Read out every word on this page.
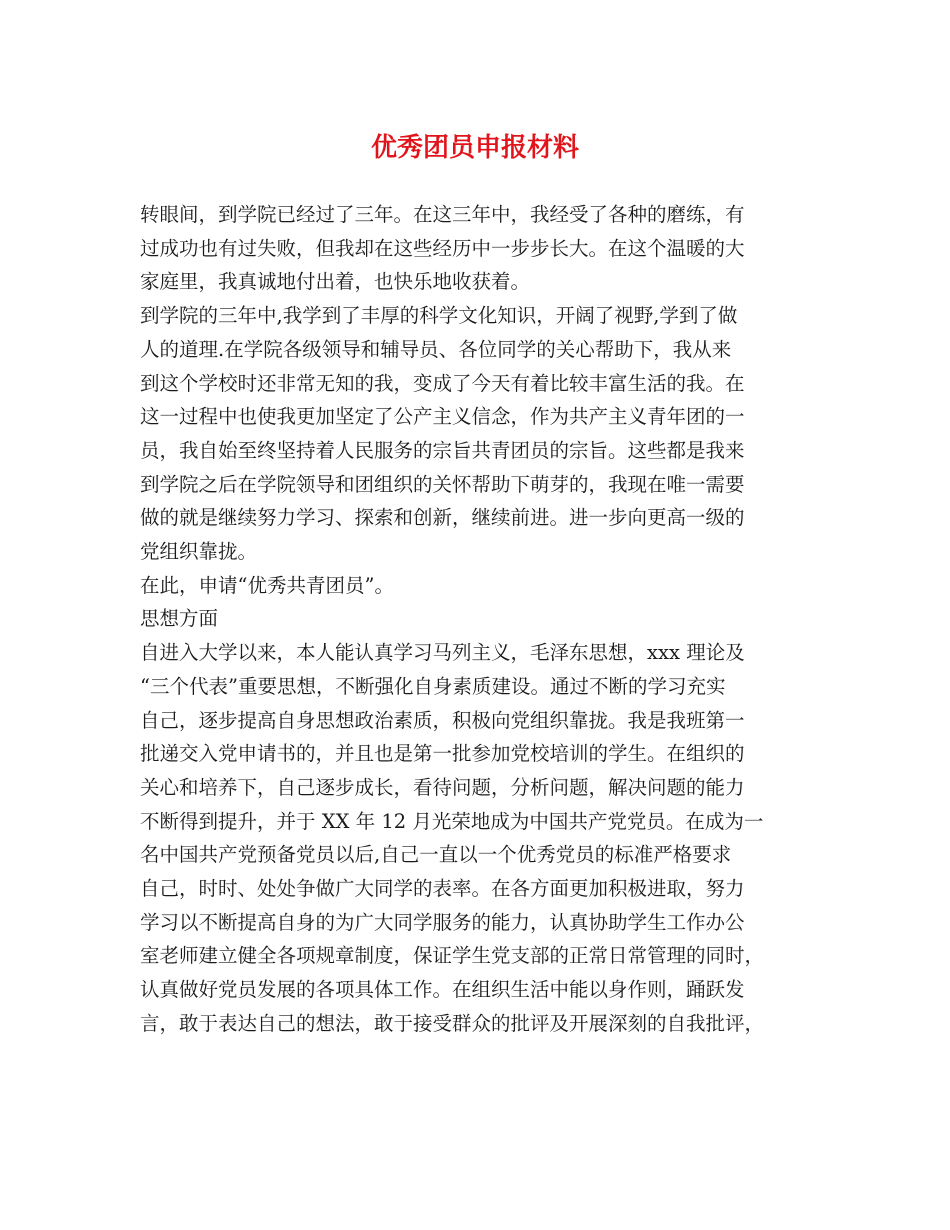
优秀团员申报材料
转眼间，到学院已经过了三年。在这三年中，我经受了各种的磨练，有
过成功也有过失败，但我却在这些经历中一步步长大。在这个温暖的大
家庭里，我真诚地付出着，也快乐地收获着。
到学院的三年中,我学到了丰厚的科学文化知识，开阔了视野,学到了做
人的道理.在学院各级领导和辅导员、各位同学的关心帮助下，我从来
到这个学校时还非常无知的我，变成了今天有着比较丰富生活的我。在
这一过程中也使我更加坚定了公产主义信念，作为共产主义青年团的一
员，我自始至终坚持着人民服务的宗旨共青团员的宗旨。这些都是我来
到学院之后在学院领导和团组织的关怀帮助下萌芽的，我现在唯一需要
做的就是继续努力学习、探索和创新，继续前进。进一步向更高一级的
党组织靠拢。
在此，申请“优秀共青团员”。
思想方面
自进入大学以来，本人能认真学习马列主义，毛泽东思想，xxx 理论及
“三个代表”重要思想，不断强化自身素质建设。通过不断的学习充实
自己，逐步提高自身思想政治素质，积极向党组织靠拢。我是我班第一
批递交入党申请书的，并且也是第一批参加党校培训的学生。在组织的
关心和培养下，自己逐步成长，看待问题，分析问题，解决问题的能力
不断得到提升，并于 XX 年 12 月光荣地成为中国共产党党员。在成为一
名中国共产党预备党员以后,自己一直以一个优秀党员的标准严格要求
自己，时时、处处争做广大同学的表率。在各方面更加积极进取，努力
学习以不断提高自身的为广大同学服务的能力，认真协助学生工作办公
室老师建立健全各项规章制度，保证学生党支部的正常日常管理的同时，
认真做好党员发展的各项具体工作。在组织生活中能以身作则，踊跃发
言，敢于表达自己的想法，敢于接受群众的批评及开展深刻的自我批评，
